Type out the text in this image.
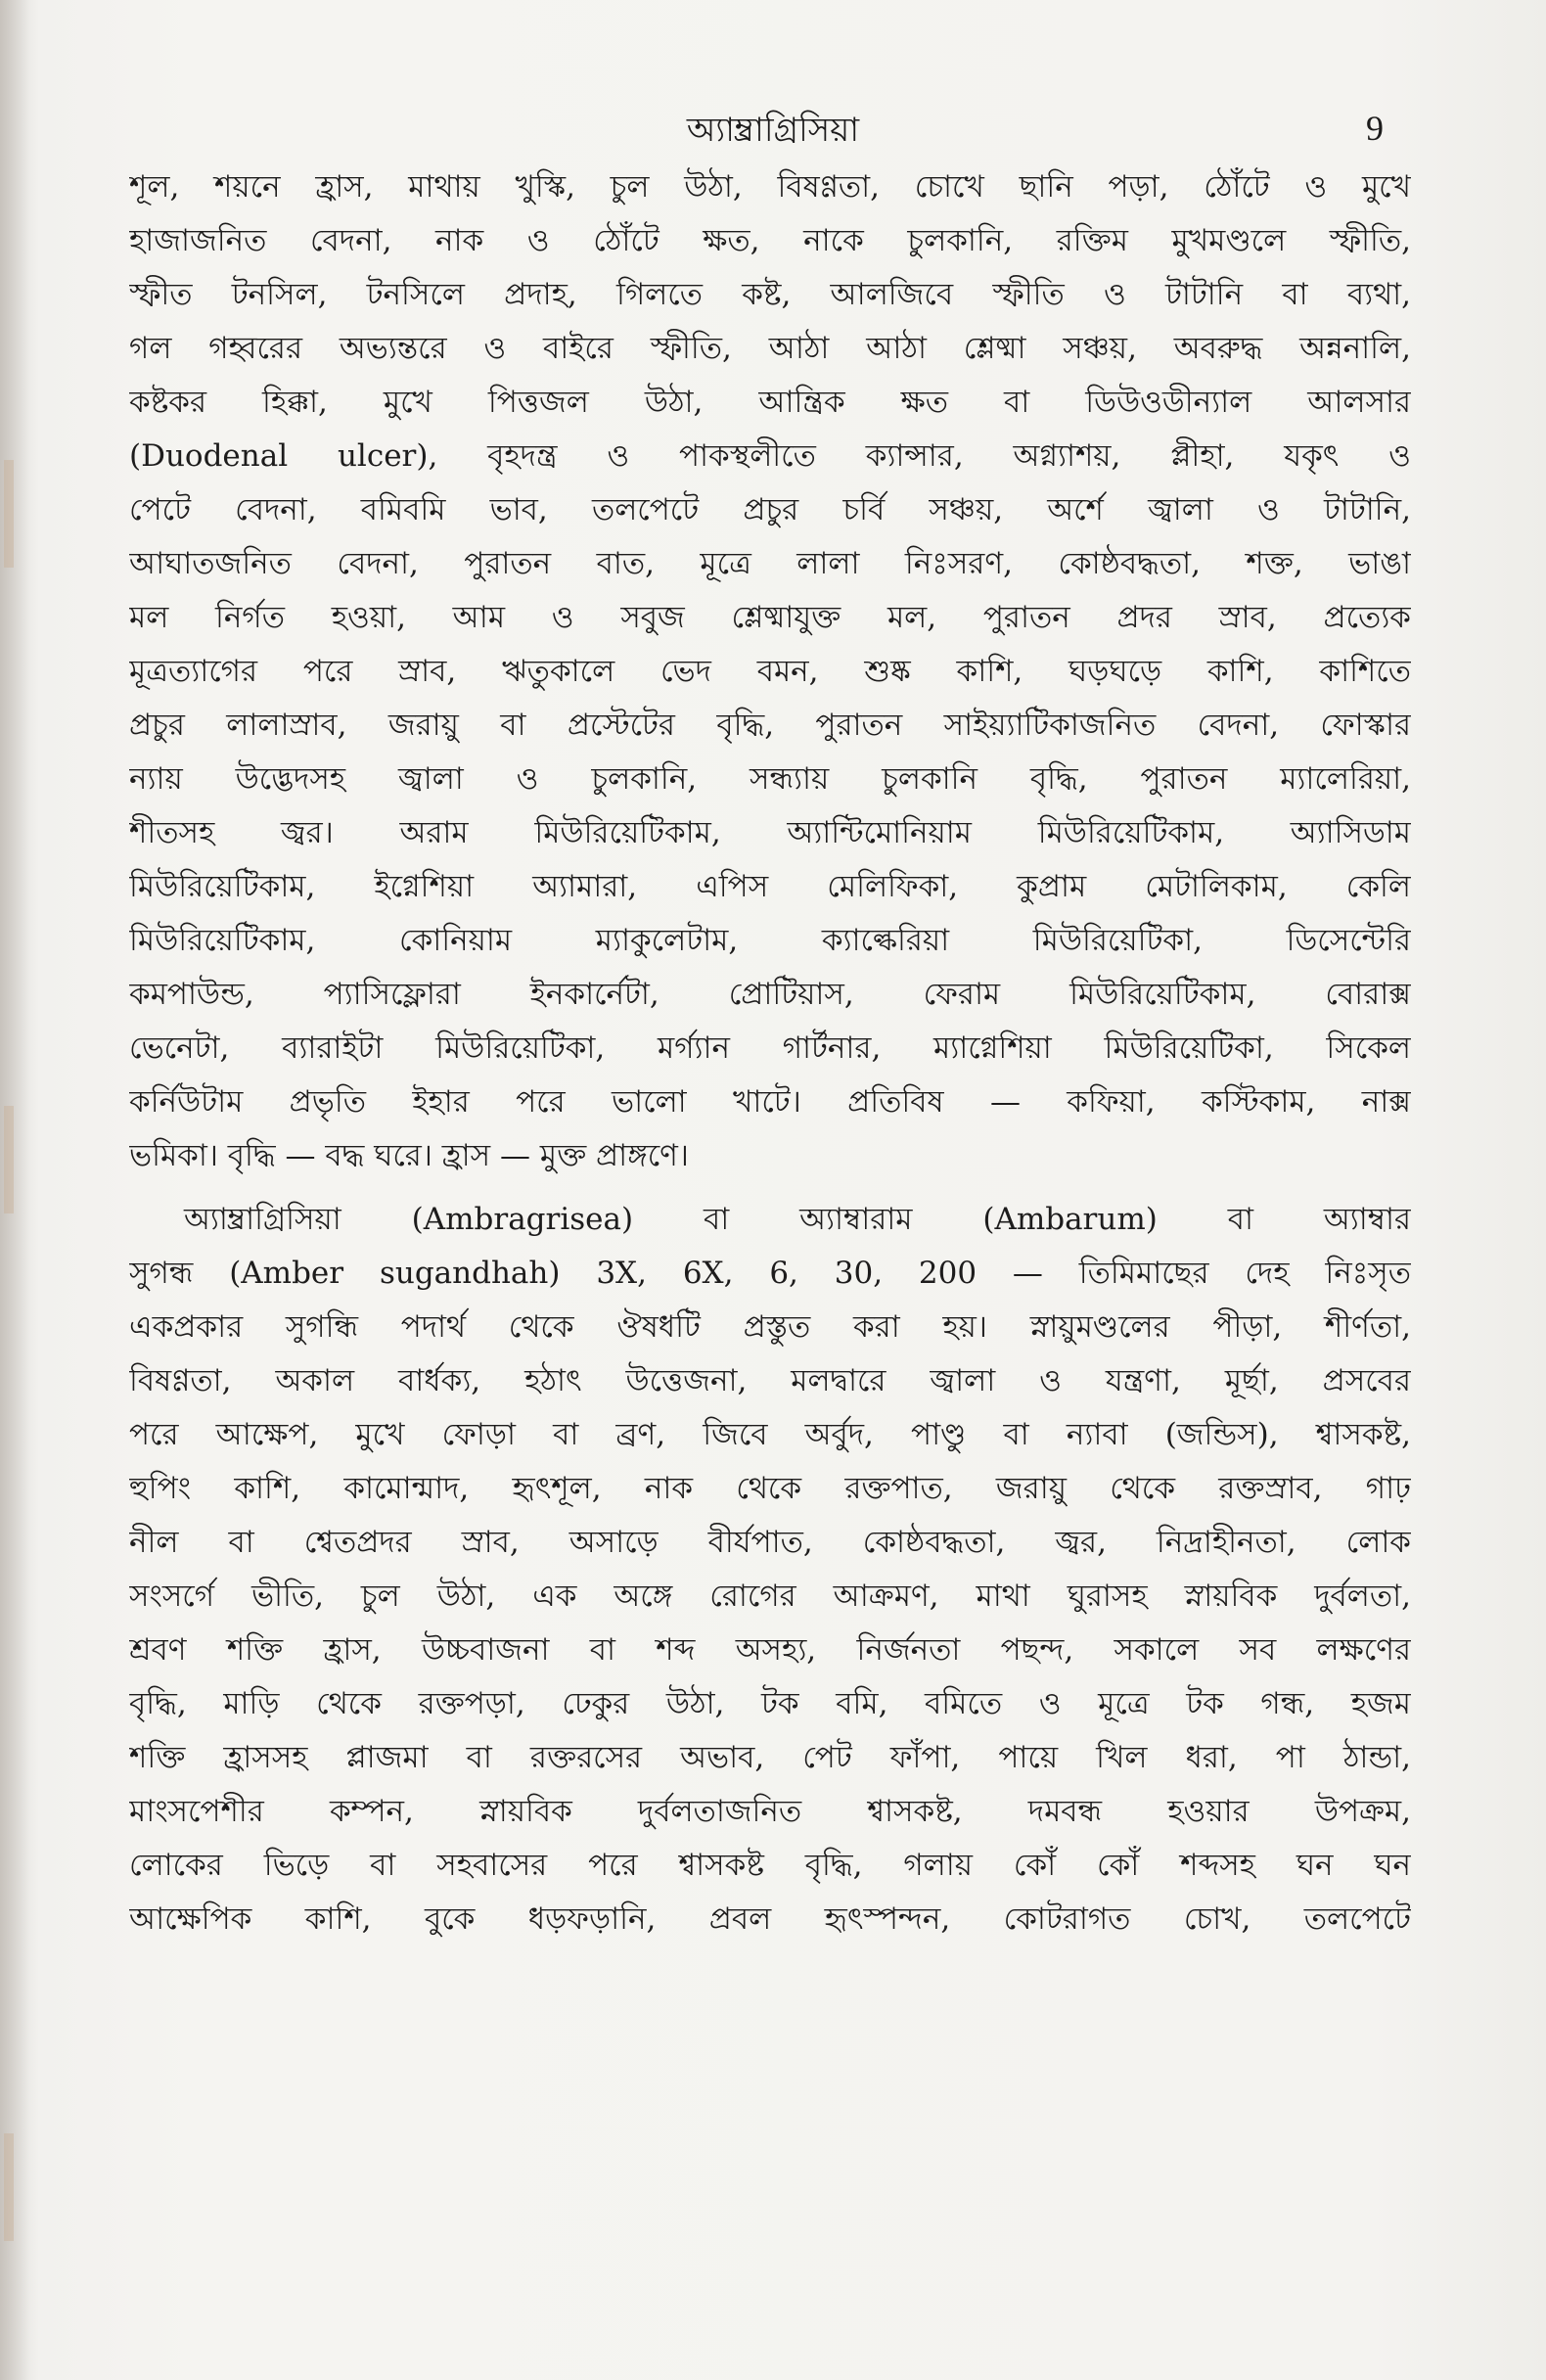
অ্যাম্ব্রাগ্রিসিয়া	9
শূল, শয়নে হ্রাস, মাথায় খুস্কি, চুল উঠা, বিষণ্ণতা, চোখে ছানি পড়া, ঠোঁটে ও মুখে
হাজাজনিত বেদনা, নাক ও ঠোঁটে ক্ষত, নাকে চুলকানি, রক্তিম মুখমণ্ডলে স্ফীতি,
স্ফীত টনসিল, টনসিলে প্রদাহ, গিলতে কষ্ট, আলজিবে স্ফীতি ও টাটানি বা ব্যথা,
গল গহ্বরের অভ্যন্তরে ও বাইরে স্ফীতি, আঠা আঠা শ্লেষ্মা সঞ্চয়, অবরুদ্ধ অন্ননালি,
কষ্টকর হিক্কা, মুখে পিত্তজল উঠা, আন্ত্রিক ক্ষত বা ডিউওডীন্যাল আলসার
(Duodenal ulcer), বৃহদন্ত্র ও পাকস্থলীতে ক্যান্সার, অগ্ন্যাশয়, প্লীহা, যকৃৎ ও
পেটে বেদনা, বমিবমি ভাব, তলপেটে প্রচুর চর্বি সঞ্চয়, অর্শে জ্বালা ও টাটানি,
আঘাতজনিত বেদনা, পুরাতন বাত, মূত্রে লালা নিঃসরণ, কোষ্ঠবদ্ধতা, শক্ত, ভাঙা
মল নির্গত হওয়া, আম ও সবুজ শ্লেষ্মাযুক্ত মল, পুরাতন প্রদর স্রাব, প্রত্যেক
মূত্রত্যাগের পরে স্রাব, ঋতুকালে ভেদ বমন, শুষ্ক কাশি, ঘড়ঘড়ে কাশি, কাশিতে
প্রচুর লালাস্রাব, জরায়ু বা প্রস্টেটের বৃদ্ধি, পুরাতন সাইয়্যাটিকাজনিত বেদনা, ফোস্কার
ন্যায় উদ্ভেদসহ জ্বালা ও চুলকানি, সন্ধ্যায় চুলকানি বৃদ্ধি, পুরাতন ম্যালেরিয়া,
শীতসহ জ্বর। অরাম মিউরিয়েটিকাম, অ্যান্টিমোনিয়াম মিউরিয়েটিকাম, অ্যাসিডাম
মিউরিয়েটিকাম, ইগ্নেশিয়া অ্যামারা, এপিস মেলিফিকা, কুপ্রাম মেটালিকাম, কেলি
মিউরিয়েটিকাম, কোনিয়াম ম্যাকুলেটাম, ক্যাল্কেরিয়া মিউরিয়েটিকা, ডিসেন্টেরি
কমপাউন্ড, প্যাসিফ্লোরা ইনকার্নেটা, প্রোটিয়াস, ফেরাম মিউরিয়েটিকাম, বোরাক্স
ভেনেটা, ব্যারাইটা মিউরিয়েটিকা, মর্গ্যান গার্টনার, ম্যাগ্নেশিয়া মিউরিয়েটিকা, সিকেল
কর্নিউটাম প্রভৃতি ইহার পরে ভালো খাটে। প্রতিবিষ — কফিয়া, কস্টিকাম, নাক্স
ভমিকা। বৃদ্ধি — বদ্ধ ঘরে। হ্রাস — মুক্ত প্রাঙ্গণে।
অ্যাম্ব্রাগ্রিসিয়া (Ambragrisea) বা অ্যাম্বারাম (Ambarum) বা অ্যাম্বার
সুগন্ধ (Amber sugandhah) 3X, 6X, 6, 30, 200 — তিমিমাছের দেহ নিঃসৃত
একপ্রকার সুগন্ধি পদার্থ থেকে ঔষধটি প্রস্তুত করা হয়। স্নায়ুমণ্ডলের পীড়া, শীর্ণতা,
বিষণ্ণতা, অকাল বার্ধক্য, হঠাৎ উত্তেজনা, মলদ্বারে জ্বালা ও যন্ত্রণা, মূর্ছা, প্রসবের
পরে আক্ষেপ, মুখে ফোড়া বা ব্রণ, জিবে অর্বুদ, পাণ্ডু বা ন্যাবা (জন্ডিস), শ্বাসকষ্ট,
হুপিং কাশি, কামোন্মাদ, হৃৎশূল, নাক থেকে রক্তপাত, জরায়ু থেকে রক্তস্রাব, গাঢ়
নীল বা শ্বেতপ্রদর স্রাব, অসাড়ে বীর্যপাত, কোষ্ঠবদ্ধতা, জ্বর, নিদ্রাহীনতা, লোক
সংসর্গে ভীতি, চুল উঠা, এক অঙ্গে রোগের আক্রমণ, মাথা ঘুরাসহ স্নায়বিক দুর্বলতা,
শ্রবণ শক্তি হ্রাস, উচ্চবাজনা বা শব্দ অসহ্য, নির্জনতা পছন্দ, সকালে সব লক্ষণের
বৃদ্ধি, মাড়ি থেকে রক্তপড়া, ঢেকুর উঠা, টক বমি, বমিতে ও মূত্রে টক গন্ধ, হজম
শক্তি হ্রাসসহ প্লাজমা বা রক্তরসের অভাব, পেট ফাঁপা, পায়ে খিল ধরা, পা ঠান্ডা,
মাংসপেশীর কম্পন, স্নায়বিক দুর্বলতাজনিত শ্বাসকষ্ট, দমবন্ধ হওয়ার উপক্রম,
লোকের ভিড়ে বা সহবাসের পরে শ্বাসকষ্ট বৃদ্ধি, গলায় কোঁ কোঁ শব্দসহ ঘন ঘন
আক্ষেপিক কাশি, বুকে ধড়ফড়ানি, প্রবল হৃৎস্পন্দন, কোটরাগত চোখ, তলপেটে
